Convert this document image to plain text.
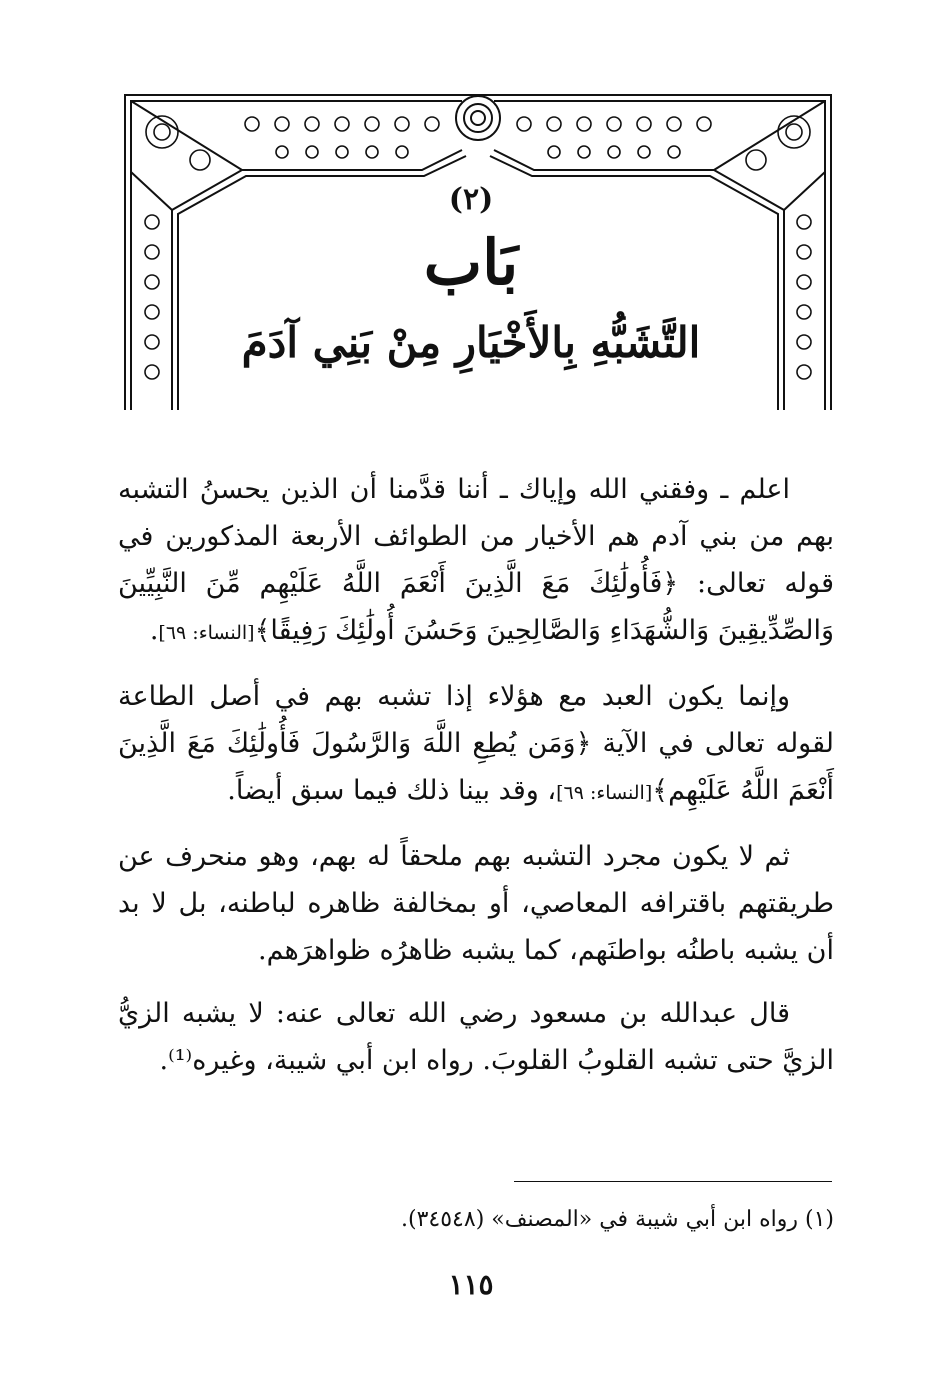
(٢)
بَاب
التَّشَبُّهِ بِالأَخْيَارِ مِنْ بَنِي آدَمَ

اعلم ـ وفقني الله وإياك ـ أننا قدَّمنا أن الذين يحسنُ التشبه بهم من بني آدم هم الأخيار من الطوائف الأربعة المذكورين في قوله تعالى: ﴿فَأُولَٰئِكَ مَعَ الَّذِينَ أَنْعَمَ اللَّهُ عَلَيْهِم مِّنَ النَّبِيِّينَ وَالصِّدِّيقِينَ وَالشُّهَدَاءِ وَالصَّالِحِينَ وَحَسُنَ أُولَٰئِكَ رَفِيقًا﴾[النساء: ٦٩].

وإنما يكون العبد مع هؤلاء إذا تشبه بهم في أصل الطاعة لقوله تعالى في الآية ﴿وَمَن يُطِعِ اللَّهَ وَالرَّسُولَ فَأُولَٰئِكَ مَعَ الَّذِينَ أَنْعَمَ اللَّهُ عَلَيْهِم﴾[النساء: ٦٩]، وقد بينا ذلك فيما سبق أيضاً.

ثم لا يكون مجرد التشبه بهم ملحقاً له بهم، وهو منحرف عن طريقتهم باقترافه المعاصي، أو بمخالفة ظاهره لباطنه، بل لا بد أن يشبه باطنُه بواطنَهم، كما يشبه ظاهرُه ظواهرَهم.

قال عبدالله بن مسعود رضي الله تعالى عنه: لا يشبه الزيُّ الزيَّ حتى تشبه القلوبُ القلوبَ. رواه ابن أبي شيبة، وغيره⁽¹⁾.

(١) رواه ابن أبي شيبة في «المصنف» (٣٤٥٤٨).
١١٥
